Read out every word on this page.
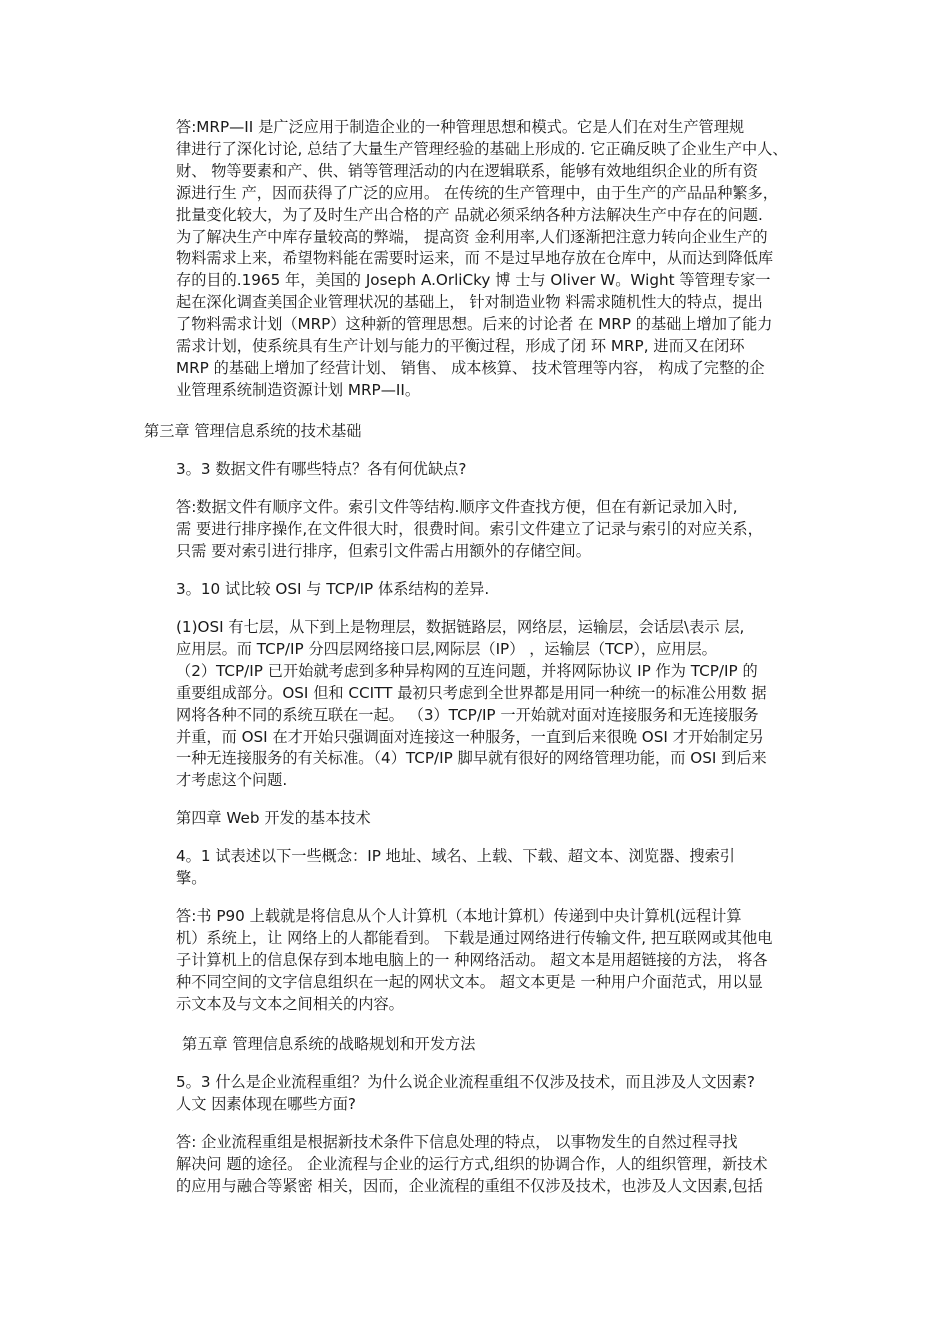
答:MRP—II 是广泛应用于制造企业的一种管理思想和模式。它是人们在对生产管理规
律进行了深化讨论, 总结了大量生产管理经验的基础上形成的. 它正确反映了企业生产中人、
财、 物等要素和产、供、销等管理活动的内在逻辑联系，能够有效地组织企业的所有资
源进行生 产，因而获得了广泛的应用。 在传统的生产管理中，由于生产的产品品种繁多，
批量变化较大，为了及时生产出合格的产 品就必须采纳各种方法解决生产中存在的问题.
为了解决生产中库存量较高的弊端， 提高资 金利用率,人们逐渐把注意力转向企业生产的
物料需求上来，希望物料能在需要时运来，而 不是过早地存放在仓库中，从而达到降低库
存的目的.1965 年，美国的 Joseph A.OrliCky 博 士与 Oliver W。Wight 等管理专家一
起在深化调查美国企业管理状况的基础上， 针对制造业物 料需求随机性大的特点，提出
了物料需求计划（MRP）这种新的管理思想。后来的讨论者 在 MRP 的基础上增加了能力
需求计划，使系统具有生产计划与能力的平衡过程，形成了闭 环 MRP, 进而又在闭环
MRP 的基础上增加了经营计划、 销售、 成本核算、 技术管理等内容， 构成了完整的企
业管理系统制造资源计划 MRP—II。

第三章 管理信息系统的技术基础

3。3 数据文件有哪些特点？各有何优缺点?

答:数据文件有顺序文件。索引文件等结构.顺序文件查找方便，但在有新记录加入时,
需 要进行排序操作,在文件很大时，很费时间。索引文件建立了记录与索引的对应关系，
只需 要对索引进行排序，但索引文件需占用额外的存储空间。

3。10 试比较 OSI 与 TCP/IP 体系结构的差异.

(1)OSI 有七层，从下到上是物理层，数据链路层，网络层，运输层，会话层\表示 层,
应用层。而 TCP/IP 分四层网络接口层,网际层（IP） ，运输层（TCP），应用层。
（2）TCP/IP 已开始就考虑到多种异构网的互连问题，并将网际协议 IP 作为 TCP/IP 的
重要组成部分。OSI 但和 CCITT 最初只考虑到全世界都是用同一种统一的标准公用数 据
网将各种不同的系统互联在一起。 （3）TCP/IP 一开始就对面对连接服务和无连接服务
并重，而 OSI 在才开始只强调面对连接这一种服务，一直到后来很晚 OSI 才开始制定另
一种无连接服务的有关标准。（4）TCP/IP 脚早就有很好的网络管理功能，而 OSI 到后来
才考虑这个问题.

第四章 Web 开发的基本技术

4。1 试表述以下一些概念：IP 地址、域名、上载、下载、超文本、浏览器、搜索引
擎。

答:书 P90 上载就是将信息从个人计算机（本地计算机）传递到中央计算机(远程计算
机）系统上，让 网络上的人都能看到。 下载是通过网络进行传输文件, 把互联网或其他电
子计算机上的信息保存到本地电脑上的一 种网络活动。 超文本是用超链接的方法， 将各
种不同空间的文字信息组织在一起的网状文本。 超文本更是 一种用户介面范式，用以显
示文本及与文本之间相关的内容。

第五章 管理信息系统的战略规划和开发方法

5。3 什么是企业流程重组？为什么说企业流程重组不仅涉及技术，而且涉及人文因素?
人文 因素体现在哪些方面?

答: 企业流程重组是根据新技术条件下信息处理的特点， 以事物发生的自然过程寻找
解决问 题的途径。 企业流程与企业的运行方式,组织的协调合作，人的组织管理，新技术
的应用与融合等紧密 相关，因而，企业流程的重组不仅涉及技术，也涉及人文因素,包括
